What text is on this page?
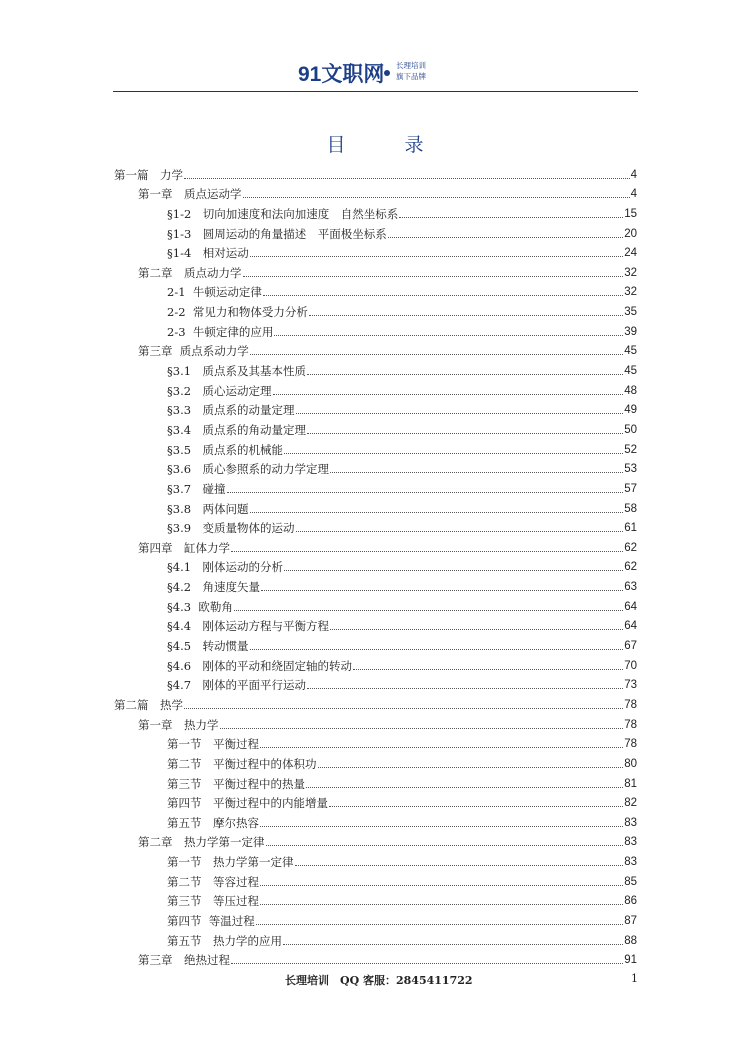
91文职网 长理培训
旗下品牌
目　录
第一篇　力学	4
第一章　质点运动学	4
§1-2　切向加速度和法向加速度　自然坐标系	15
§1-3　圆周运动的角量描述　平面极坐标系	20
§1-4　相对运动	24
第二章　质点动力学	32
2-1  牛顿运动定律	32
2-2  常见力和物体受力分析	35
2-3  牛顿定律的应用	39
第三章  质点系动力学	45
§3.1　质点系及其基本性质	45
§3.2　质心运动定理	48
§3.3　质点系的动量定理	49
§3.4　质点系的角动量定理	50
§3.5　质点系的机械能	52
§3.6　质心参照系的动力学定理	53
§3.7　碰撞	57
§3.8　两体问题	58
§3.9　变质量物体的运动	61
第四章　缸体力学	62
§4.1　刚体运动的分析	62
§4.2　角速度矢量	63
§4.3  欧勒角	64
§4.4　刚体运动方程与平衡方程	64
§4.5　转动惯量	67
§4.6　刚体的平动和绕固定轴的转动	70
§4.7　刚体的平面平行运动	73
第二篇　热学	78
第一章　热力学	78
第一节　平衡过程	78
第二节　平衡过程中的体积功	80
第三节　平衡过程中的热量	81
第四节　平衡过程中的内能增量	82
第五节　摩尔热容	83
第二章　热力学第一定律	83
第一节　热力学第一定律	83
第二节　等容过程	85
第三节　等压过程	86
第四节  等温过程	87
第五节　热力学的应用	88
第三章　绝热过程	91
长理培训　QQ 客服：2845411722	1
